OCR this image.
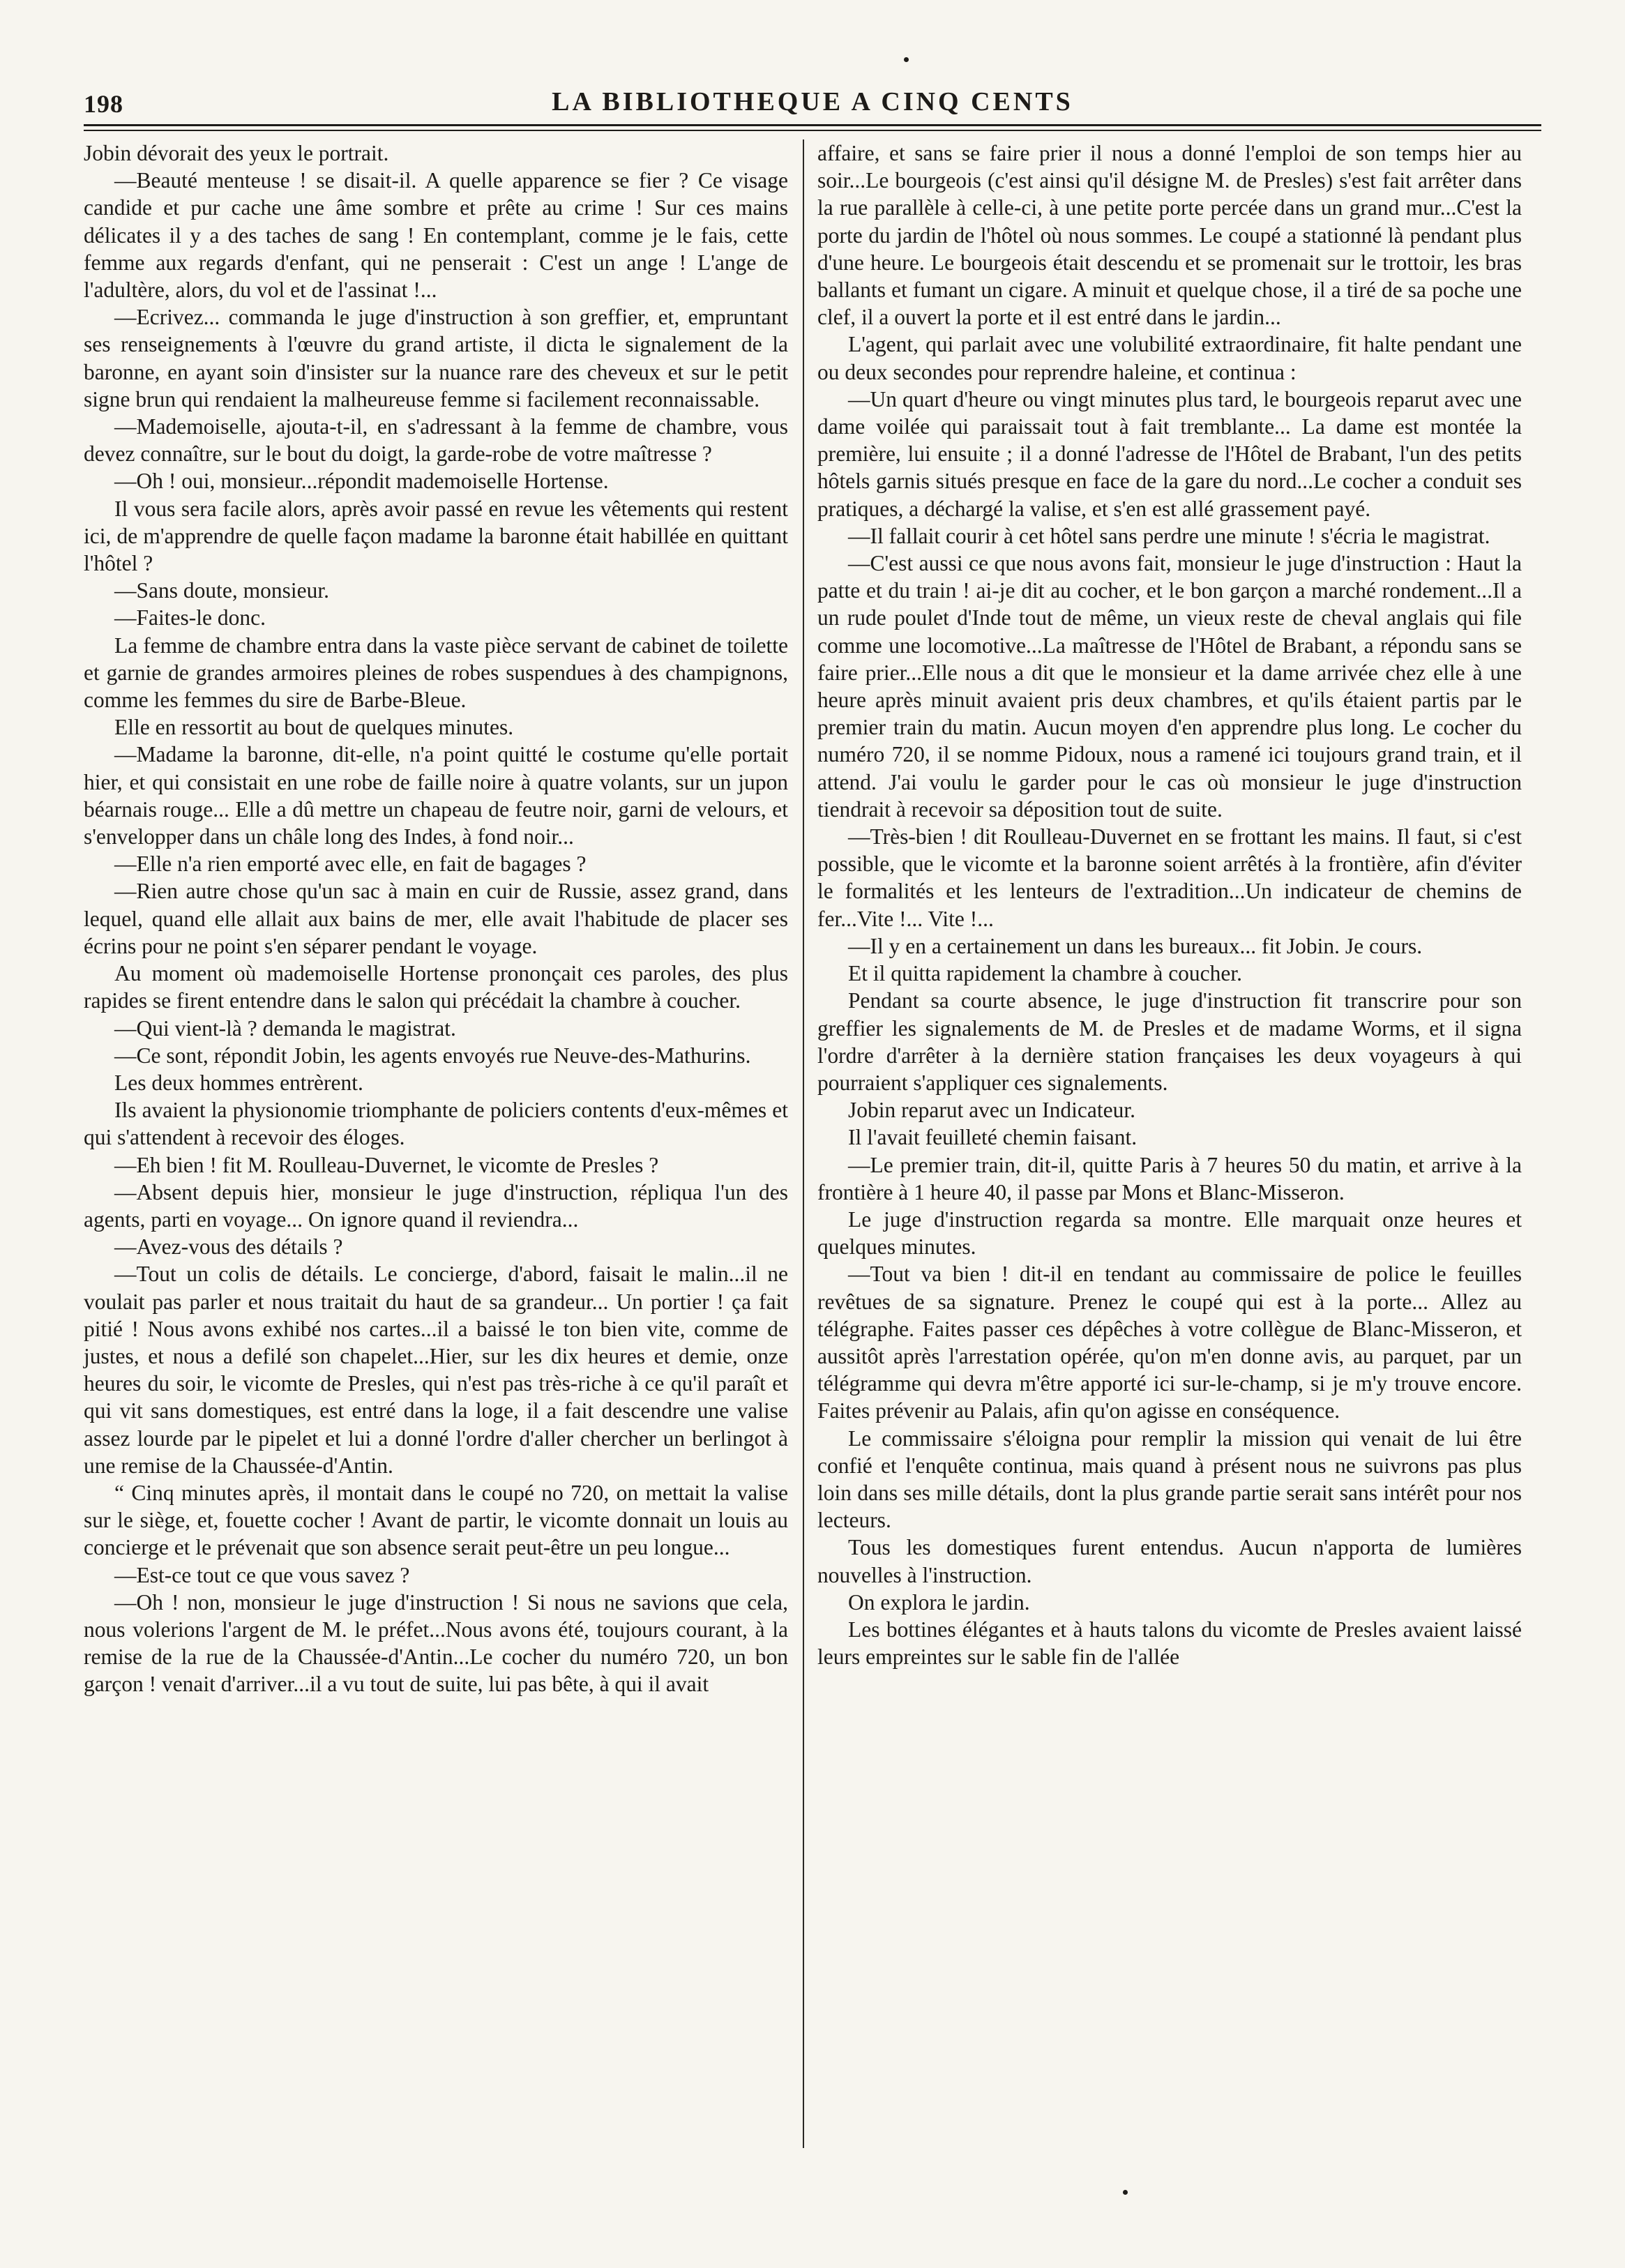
198	LA BIBLIOTHEQUE A CINQ CENTS

Jobin dévorait des yeux le portrait.

—Beauté menteuse ! se disait-il. A quelle apparence se fier ? Ce visage candide et pur cache une âme sombre et prête au crime ! Sur ces mains délicates il y a des taches de sang ! En contemplant, comme je le fais, cette femme aux regards d'enfant, qui ne penserait : C'est un ange ! L'ange de l'adultère, alors, du vol et de l'assinat !...

—Ecrivez... commanda le juge d'instruction à son greffier, et, empruntant ses renseignements à l'œuvre du grand artiste, il dicta le signalement de la baronne, en ayant soin d'insister sur la nuance rare des cheveux et sur le petit signe brun qui rendaient la malheureuse femme si facilement reconnaissable.

—Mademoiselle, ajouta-t-il, en s'adressant à la femme de chambre, vous devez connaître, sur le bout du doigt, la garde-robe de votre maîtresse ?

—Oh ! oui, monsieur...répondit mademoiselle Hortense.

Il vous sera facile alors, après avoir passé en revue les vêtements qui restent ici, de m'apprendre de quelle façon madame la baronne était habillée en quittant l'hôtel ?

—Sans doute, monsieur.

—Faites-le donc.

La femme de chambre entra dans la vaste pièce servant de cabinet de toilette et garnie de grandes armoires pleines de robes suspendues à des champignons, comme les femmes du sire de Barbe-Bleue.

Elle en ressortit au bout de quelques minutes.

—Madame la baronne, dit-elle, n'a point quitté le costume qu'elle portait hier, et qui consistait en une robe de faille noire à quatre volants, sur un jupon béarnais rouge... Elle a dû mettre un chapeau de feutre noir, garni de velours, et s'envelopper dans un châle long des Indes, à fond noir...

—Elle n'a rien emporté avec elle, en fait de bagages ?

—Rien autre chose qu'un sac à main en cuir de Russie, assez grand, dans lequel, quand elle allait aux bains de mer, elle avait l'habitude de placer ses écrins pour ne point s'en séparer pendant le voyage.

Au moment où mademoiselle Hortense prononçait ces paroles, des plus rapides se firent entendre dans le salon qui précédait la chambre à coucher.

—Qui vient-là ? demanda le magistrat.

—Ce sont, répondit Jobin, les agents envoyés rue Neuve-des-Mathurins.

Les deux hommes entrèrent.

Ils avaient la physionomie triomphante de policiers contents d'eux-mêmes et qui s'attendent à recevoir des éloges.

—Eh bien ! fit M. Roulleau-Duvernet, le vicomte de Presles ?

—Absent depuis hier, monsieur le juge d'instruction, répliqua l'un des agents, parti en voyage... On ignore quand il reviendra...

—Avez-vous des détails ?

—Tout un colis de détails. Le concierge, d'abord, faisait le malin...il ne voulait pas parler et nous traitait du haut de sa grandeur... Un portier ! ça fait pitié ! Nous avons exhibé nos cartes...il a baissé le ton bien vite, comme de justes, et nous a defilé son chapelet...Hier, sur les dix heures et demie, onze heures du soir, le vicomte de Presles, qui n'est pas très-riche à ce qu'il paraît et qui vit sans domestiques, est entré dans la loge, il a fait descendre une valise assez lourde par le pipelet et lui a donné l'ordre d'aller chercher un berlingot à une remise de la Chaussée-d'Antin.

“ Cinq minutes après, il montait dans le coupé no 720, on mettait la valise sur le siège, et, fouette cocher ! Avant de partir, le vicomte donnait un louis au concierge et le prévenait que son absence serait peut-être un peu longue...

—Est-ce tout ce que vous savez ?

—Oh ! non, monsieur le juge d'instruction ! Si nous ne savions que cela, nous volerions l'argent de M. le préfet...Nous avons été, toujours courant, à la remise de la rue de la Chaussée-d'Antin...Le cocher du numéro 720, un bon garçon ! venait d'arriver...il a vu tout de suite, lui pas bête, à qui il avait

affaire, et sans se faire prier il nous a donné l'emploi de son temps hier au soir...Le bourgeois (c'est ainsi qu'il désigne M. de Presles) s'est fait arrêter dans la rue parallèle à celle-ci, à une petite porte percée dans un grand mur...C'est la porte du jardin de l'hôtel où nous sommes. Le coupé a stationné là pendant plus d'une heure. Le bourgeois était descendu et se promenait sur le trottoir, les bras ballants et fumant un cigare. A minuit et quelque chose, il a tiré de sa poche une clef, il a ouvert la porte et il est entré dans le jardin...

L'agent, qui parlait avec une volubilité extraordinaire, fit halte pendant une ou deux secondes pour reprendre haleine, et continua :

—Un quart d'heure ou vingt minutes plus tard, le bourgeois reparut avec une dame voilée qui paraissait tout à fait tremblante... La dame est montée la première, lui ensuite ; il a donné l'adresse de l'Hôtel de Brabant, l'un des petits hôtels garnis situés presque en face de la gare du nord...Le cocher a conduit ses pratiques, a déchargé la valise, et s'en est allé grassement payé.

—Il fallait courir à cet hôtel sans perdre une minute ! s'écria le magistrat.

—C'est aussi ce que nous avons fait, monsieur le juge d'instruction : Haut la patte et du train ! ai-je dit au cocher, et le bon garçon a marché rondement...Il a un rude poulet d'Inde tout de même, un vieux reste de cheval anglais qui file comme une locomotive...La maîtresse de l'Hôtel de Brabant, a répondu sans se faire prier...Elle nous a dit que le monsieur et la dame arrivée chez elle à une heure après minuit avaient pris deux chambres, et qu'ils étaient partis par le premier train du matin. Aucun moyen d'en apprendre plus long. Le cocher du numéro 720, il se nomme Pidoux, nous a ramené ici toujours grand train, et il attend. J'ai voulu le garder pour le cas où monsieur le juge d'instruction tiendrait à recevoir sa déposition tout de suite.

—Très-bien ! dit Roulleau-Duvernet en se frottant les mains. Il faut, si c'est possible, que le vicomte et la baronne soient arrêtés à la frontière, afin d'éviter le formalités et les lenteurs de l'extradition...Un indicateur de chemins de fer...Vite !... Vite !...

—Il y en a certainement un dans les bureaux... fit Jobin. Je cours.

Et il quitta rapidement la chambre à coucher.

Pendant sa courte absence, le juge d'instruction fit transcrire pour son greffier les signalements de M. de Presles et de madame Worms, et il signa l'ordre d'arrêter à la dernière station françaises les deux voyageurs à qui pourraient s'appliquer ces signalements.

Jobin reparut avec un Indicateur.

Il l'avait feuilleté chemin faisant.

—Le premier train, dit-il, quitte Paris à 7 heures 50 du matin, et arrive à la frontière à 1 heure 40, il passe par Mons et Blanc-Misseron.

Le juge d'instruction regarda sa montre. Elle marquait onze heures et quelques minutes.

—Tout va bien ! dit-il en tendant au commissaire de police le feuilles revêtues de sa signature. Prenez le coupé qui est à la porte... Allez au télégraphe. Faites passer ces dépêches à votre collègue de Blanc-Misseron, et aussitôt après l'arrestation opérée, qu'on m'en donne avis, au parquet, par un télégramme qui devra m'être apporté ici sur-le-champ, si je m'y trouve encore. Faites prévenir au Palais, afin qu'on agisse en conséquence.

Le commissaire s'éloigna pour remplir la mission qui venait de lui être confié et l'enquête continua, mais quand à présent nous ne suivrons pas plus loin dans ses mille détails, dont la plus grande partie serait sans intérêt pour nos lecteurs.

Tous les domestiques furent entendus. Aucun n'apporta de lumières nouvelles à l'instruction.

On explora le jardin.

Les bottines élégantes et à hauts talons du vicomte de Presles avaient laissé leurs empreintes sur le sable fin de l'allée
